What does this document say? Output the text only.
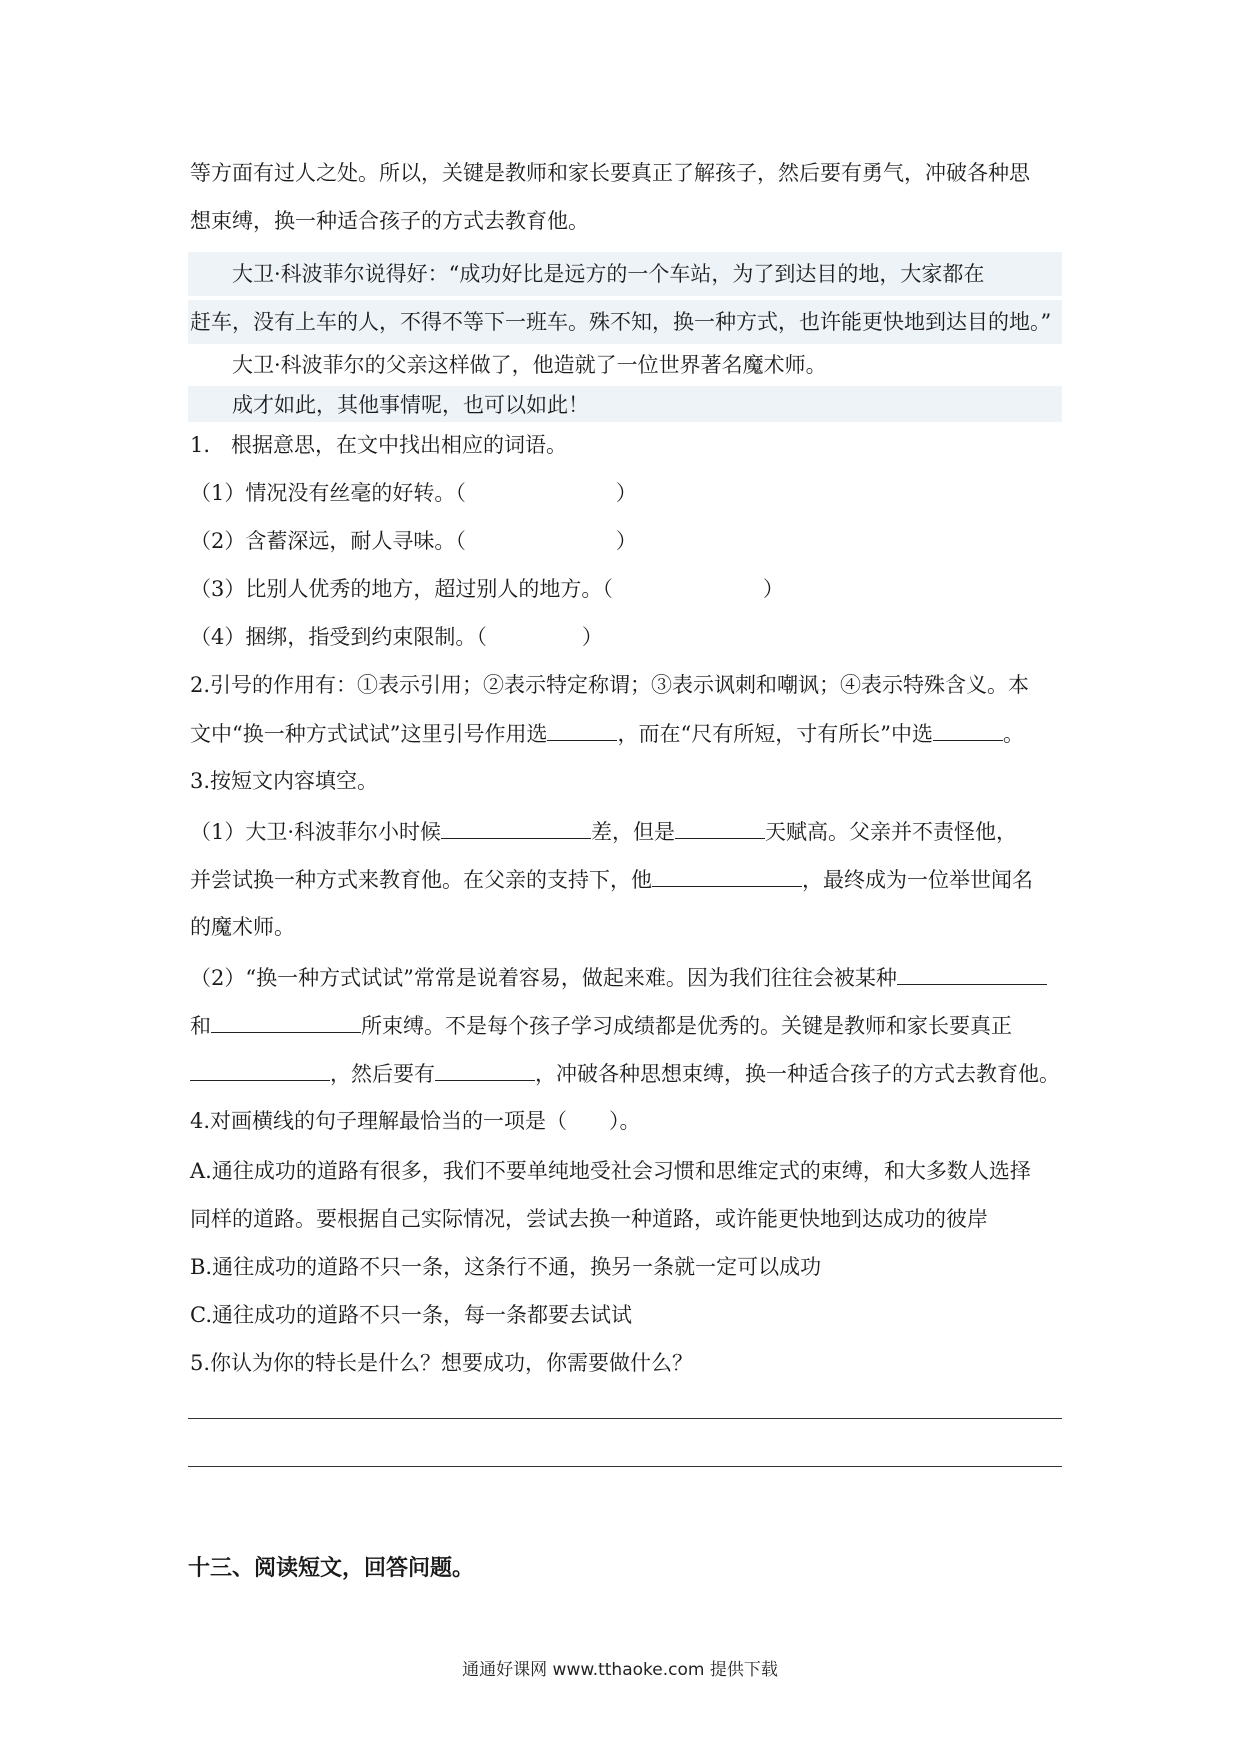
等方面有过人之处。所以，关键是教师和家长要真正了解孩子，然后要有勇气，冲破各种思
想束缚，换一种适合孩子的方式去教育他。
　　大卫·科波菲尔说得好：“成功好比是远方的一个车站，为了到达目的地，大家都在
赶车，没有上车的人，不得不等下一班车。殊不知，换一种方式，也许能更快地到达目的地。”
　　大卫·科波菲尔的父亲这样做了，他造就了一位世界著名魔术师。
　　成才如此，其他事情呢，也可以如此！
1.　根据意思，在文中找出相应的词语。
（1）情况没有丝毫的好转。（	）
（2）含蓄深远，耐人寻味。（	）
（3）比别人优秀的地方，超过别人的地方。（	）
（4）捆绑，指受到约束限制。（	）
2.引号的作用有：①表示引用；②表示特定称谓；③表示讽刺和嘲讽；④表示特殊含义。本
文中“换一种方式试试”这里引号作用选	，而在“尺有所短，寸有所长”中选	。
3.按短文内容填空。
（1）大卫·科波菲尔小时候	差，但是	天赋高。父亲并不责怪他，
并尝试换一种方式来教育他。在父亲的支持下，他	，最终成为一位举世闻名
的魔术师。
（2）“换一种方式试试”常常是说着容易，做起来难。因为我们往往会被某种
和	所束缚。不是每个孩子学习成绩都是优秀的。关键是教师和家长要真正
，然后要有	，冲破各种思想束缚，换一种适合孩子的方式去教育他。
4.对画横线的句子理解最恰当的一项是（　　）。
A.通往成功的道路有很多，我们不要单纯地受社会习惯和思维定式的束缚，和大多数人选择
同样的道路。要根据自己实际情况，尝试去换一种道路，或许能更快地到达成功的彼岸
B.通往成功的道路不只一条，这条行不通，换另一条就一定可以成功
C.通往成功的道路不只一条，每一条都要去试试
5.你认为你的特长是什么？想要成功，你需要做什么？
十三、阅读短文，回答问题。
通通好课网 www.tthaoke.com 提供下载
